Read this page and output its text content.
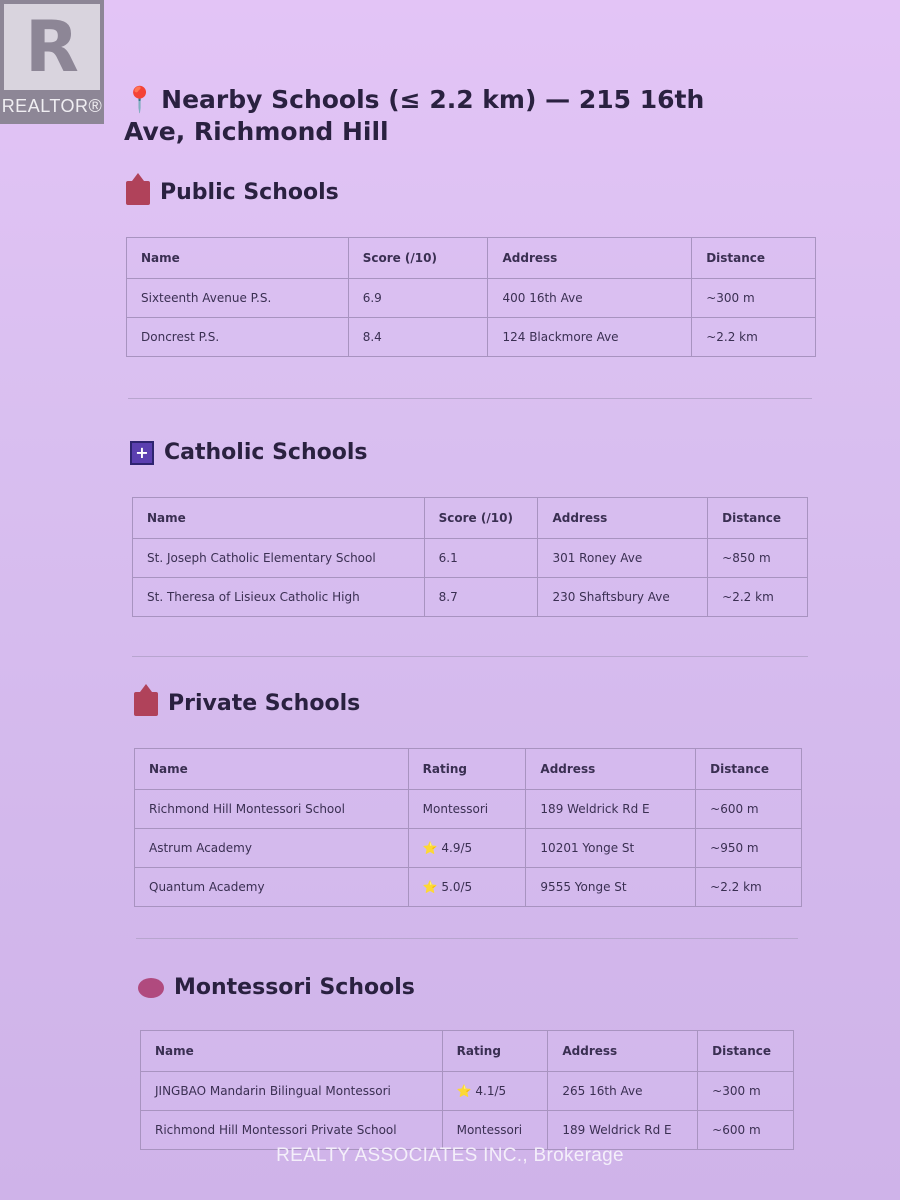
R
REALTOR® 📍 Nearby Schools (≤ 2.2 km) — 215 16th Ave, Richmond Hill
Public Schools
Name	Score (/10)	Address	Distance
Sixteenth Avenue P.S.	6.9	400 16th Ave	~300 m
Doncrest P.S.	8.4	124 Blackmore Ave	~2.2 km
+ Catholic Schools
Name	Score (/10)	Address	Distance
St. Joseph Catholic Elementary School	6.1	301 Roney Ave	~850 m
St. Theresa of Lisieux Catholic High	8.7	230 Shaftsbury Ave	~2.2 km
Private Schools
Name	Rating	Address	Distance
Richmond Hill Montessori School	Montessori	189 Weldrick Rd E	~600 m
Astrum Academy	⭐ 4.9/5	10201 Yonge St	~950 m
Quantum Academy	⭐ 5.0/5	9555 Yonge St	~2.2 km
Montessori Schools
Name	Rating	Address	Distance
JINGBAO Mandarin Bilingual Montessori	⭐ 4.1/5	265 16th Ave	~300 m
Richmond Hill Montessori Private School	Montessori	189 Weldrick Rd E	~600 m
REALTY ASSOCIATES INC., Brokerage
